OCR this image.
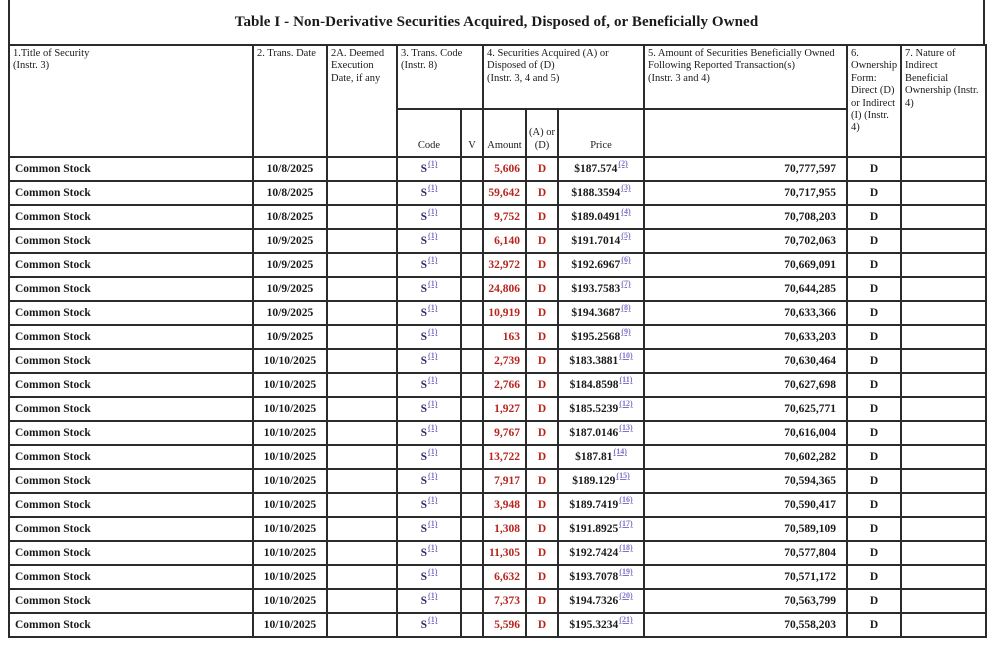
Table I - Non-Derivative Securities Acquired, Disposed of, or Beneficially Owned
1.Title of Security
(Instr. 3)
	2. Trans. Date	2A. Deemed Execution Date, if any	
3. Trans. Code
(Instr. 8)

4. Securities Acquired (A) or Disposed of (D)
(Instr. 3, 4 and 5)

5. Amount of Securities Beneficially Owned Following Reported Transaction(s)
(Instr. 3 and 4)
	6. Ownership Form: Direct (D) or Indirect (I) (Instr. 4)	7. Nature of Indirect Beneficial Ownership (Instr. 4)
			Code	V	Amount	(A) or (D)	Price			
Common Stock	10/8/2025		S$^{(1)}$		5,606	D	$187.574$^{(2)}$	70,777,597	D	
Common Stock	10/8/2025		S$^{(1)}$		59,642	D	$188.3594$^{(3)}$	70,717,955	D	
Common Stock	10/8/2025		S$^{(1)}$		9,752	D	$189.0491$^{(4)}$	70,708,203	D	
Common Stock	10/9/2025		S$^{(1)}$		6,140	D	$191.7014$^{(5)}$	70,702,063	D	
Common Stock	10/9/2025		S$^{(1)}$		32,972	D	$192.6967$^{(6)}$	70,669,091	D	
Common Stock	10/9/2025		S$^{(1)}$		24,806	D	$193.7583$^{(7)}$	70,644,285	D	
Common Stock	10/9/2025		S$^{(1)}$		10,919	D	$194.3687$^{(8)}$	70,633,366	D	
Common Stock	10/9/2025		S$^{(1)}$		163	D	$195.2568$^{(9)}$	70,633,203	D	
Common Stock	10/10/2025		S$^{(1)}$		2,739	D	$183.3881$^{(10)}$	70,630,464	D	
Common Stock	10/10/2025		S$^{(1)}$		2,766	D	$184.8598$^{(11)}$	70,627,698	D	
Common Stock	10/10/2025		S$^{(1)}$		1,927	D	$185.5239$^{(12)}$	70,625,771	D	
Common Stock	10/10/2025		S$^{(1)}$		9,767	D	$187.0146$^{(13)}$	70,616,004	D	
Common Stock	10/10/2025		S$^{(1)}$		13,722	D	$187.81$^{(14)}$	70,602,282	D	
Common Stock	10/10/2025		S$^{(1)}$		7,917	D	$189.129$^{(15)}$	70,594,365	D	
Common Stock	10/10/2025		S$^{(1)}$		3,948	D	$189.7419$^{(16)}$	70,590,417	D	
Common Stock	10/10/2025		S$^{(1)}$		1,308	D	$191.8925$^{(17)}$	70,589,109	D	
Common Stock	10/10/2025		S$^{(1)}$		11,305	D	$192.7424$^{(18)}$	70,577,804	D	
Common Stock	10/10/2025		S$^{(1)}$		6,632	D	$193.7078$^{(19)}$	70,571,172	D	
Common Stock	10/10/2025		S$^{(1)}$		7,373	D	$194.7326$^{(20)}$	70,563,799	D	
Common Stock	10/10/2025		S$^{(1)}$		5,596	D	$195.3234$^{(21)}$	70,558,203	D	
